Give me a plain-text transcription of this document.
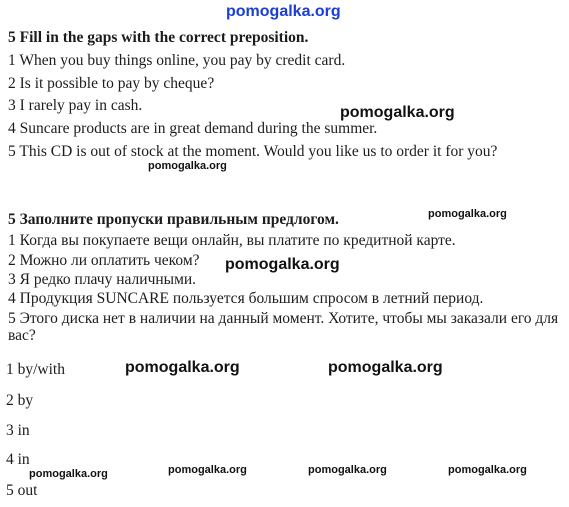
pomogalka.org
5 Fill in the gaps with the correct preposition.
1 When you buy things online, you pay by credit card.
2 Is it possible to pay by cheque?
3 I rarely pay in cash.
4 Suncare products are in great demand during the summer.
5 This CD is out of stock at the moment. Would you like us to order it for you?
pomogalka.org
pomogalka.org
5 Заполните пропуски правильным предлогом.
1 Когда вы покупаете вещи онлайн, вы платите по кредитной карте.
2 Можно ли оплатить чеком?
3 Я редко плачу наличными.
4 Продукция SUNCARE пользуется большим спросом в летний период.
5 Этого диска нет в наличии на данный момент. Хотите, чтобы мы заказали его для вас?
pomogalka.org
pomogalka.org
1 by/with
2 by
3 in
4 in
5 out
pomogalka.org	pomogalka.org
pomogalka.org	pomogalka.org	pomogalka.org	pomogalka.org
